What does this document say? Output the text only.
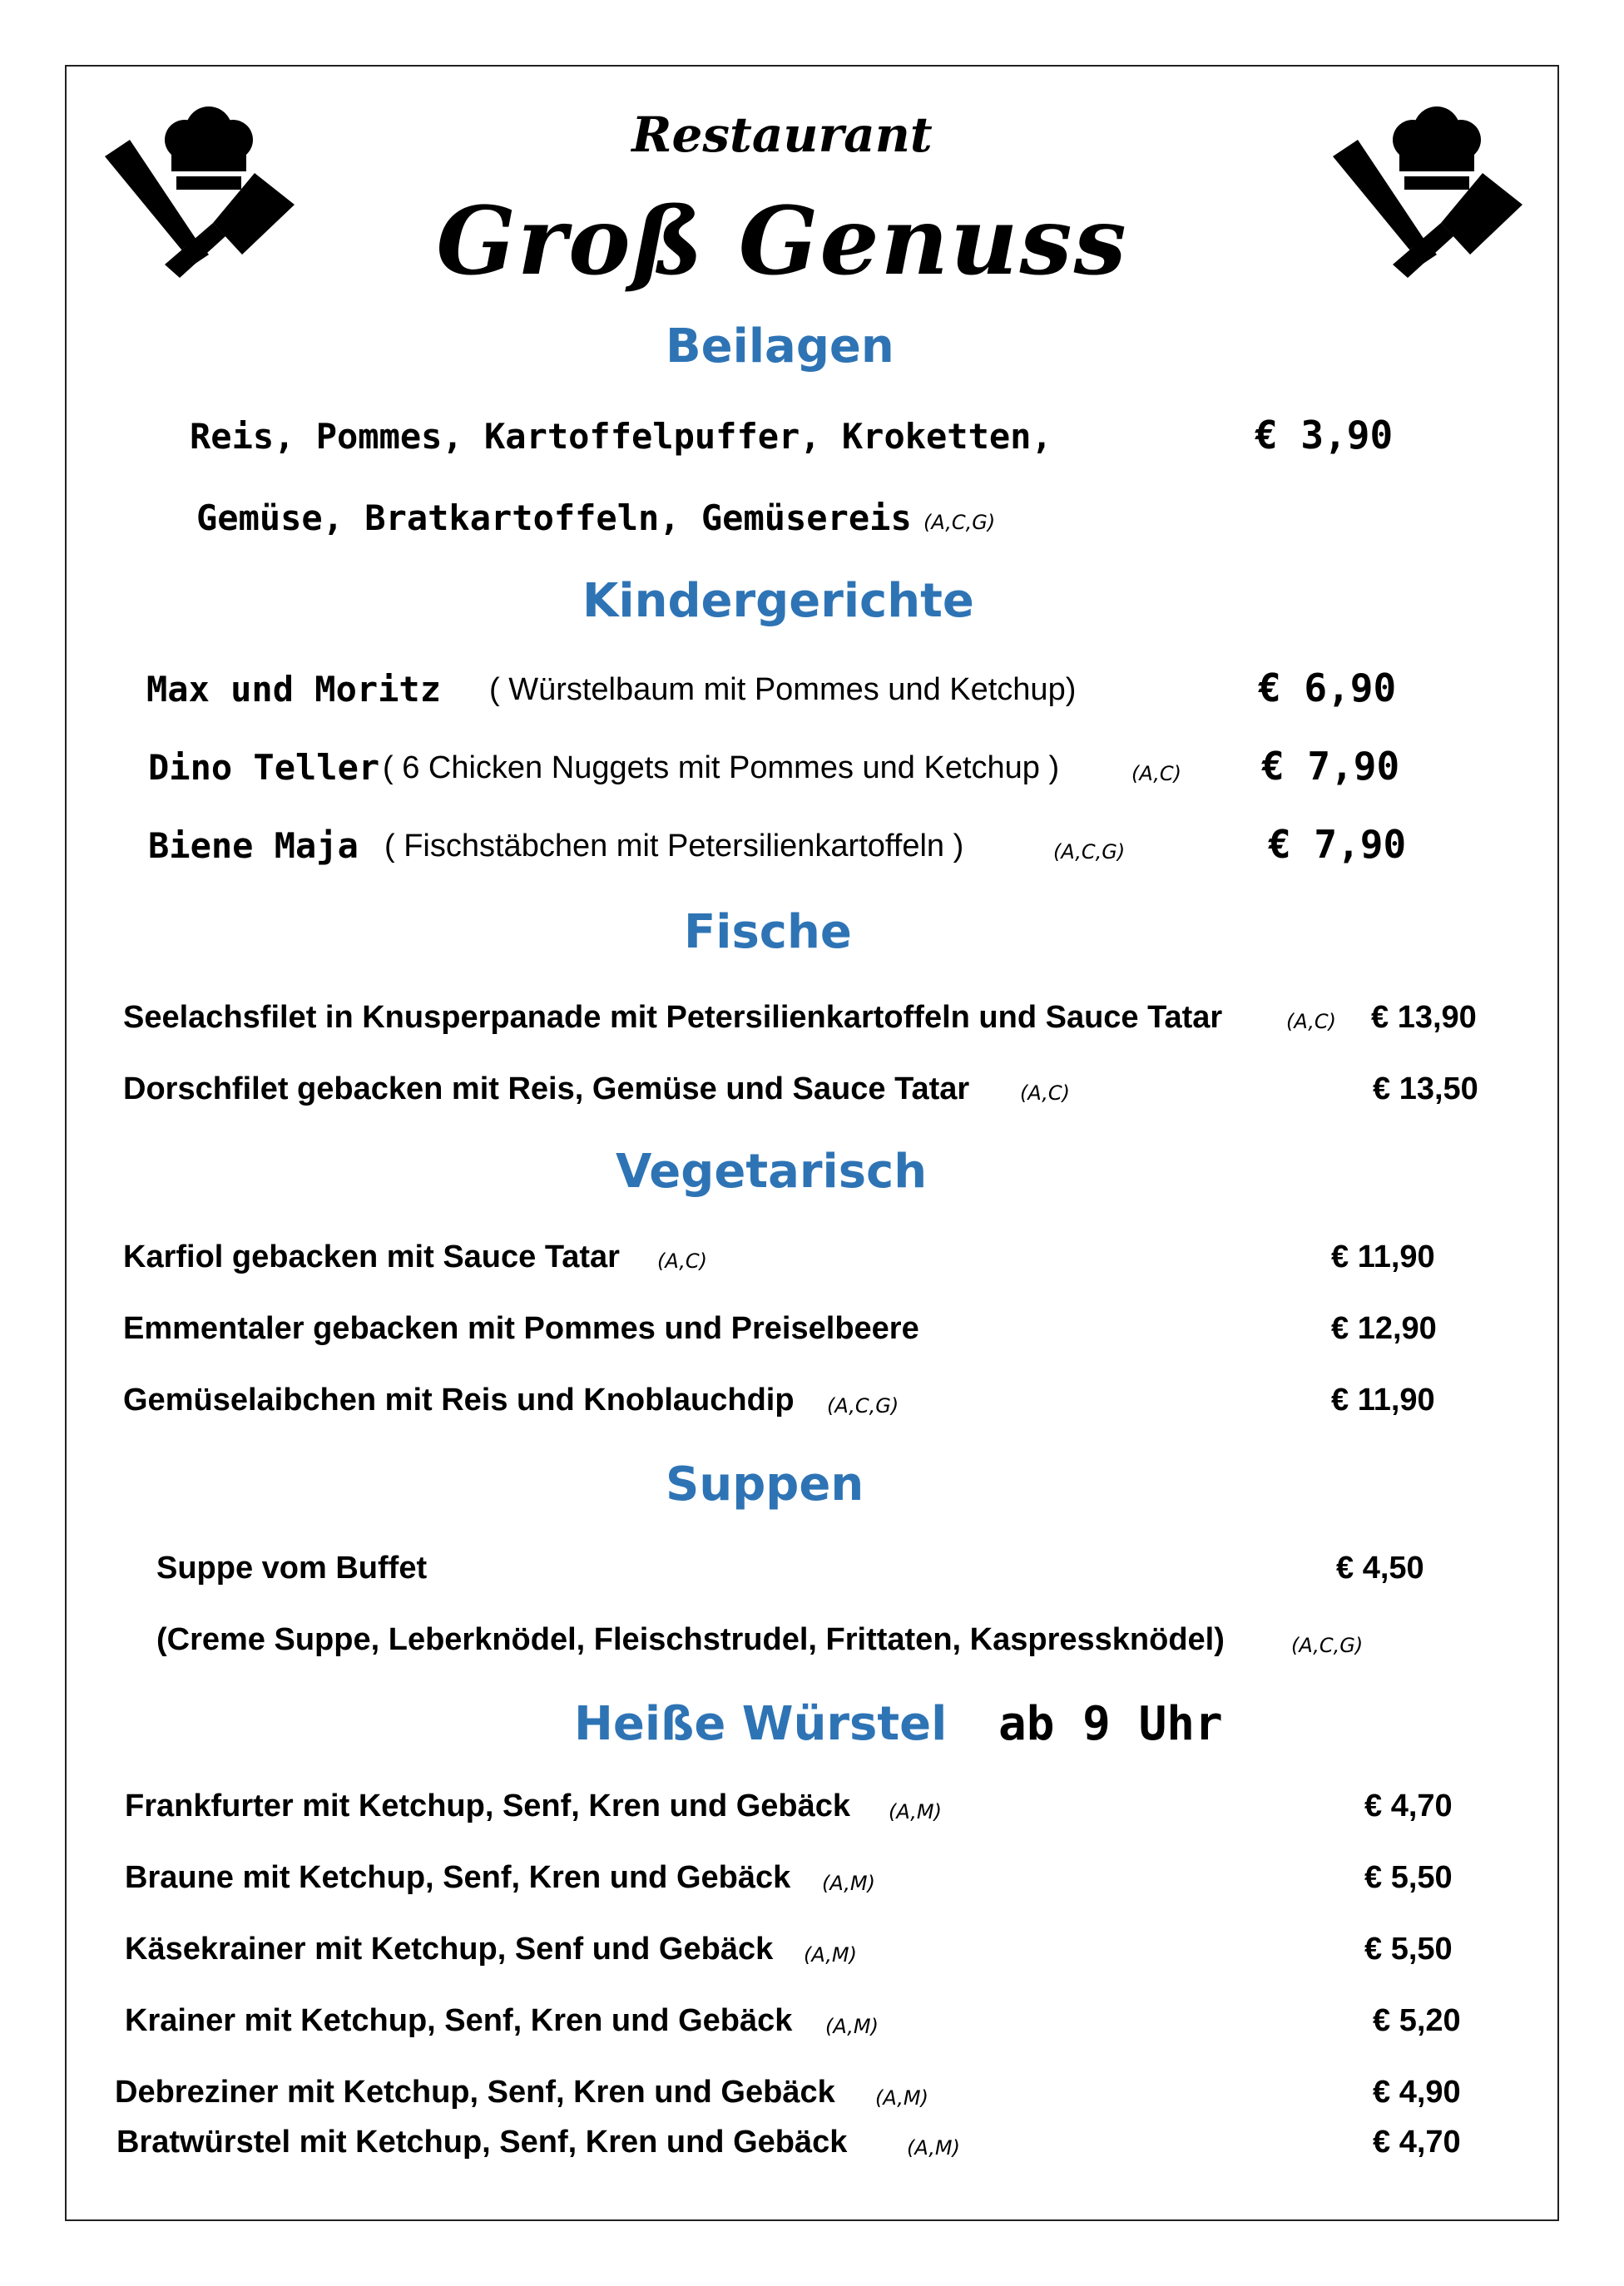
Restaurant
Groß Genuss
Beilagen
Reis, Pommes, Kartoffelpuffer, Kroketten,	€ 3,90
Gemüse, Bratkartoffeln, Gemüsereis (A,C,G)
Kindergerichte
Max und Moritz ( Würstelbaum mit Pommes und Ketchup)	€ 6,90
Dino Teller ( 6 Chicken Nuggets mit Pommes und Ketchup )	(A,C) € 7,90
Biene Maja ( Fischstäbchen mit Petersilienkartoffeln )	(A,C,G)	€ 7,90
Fische
Seelachsfilet in Knusperpanade mit Petersilienkartoffeln und Sauce Tatar	(A,C) € 13,90
Dorschfilet gebacken mit Reis, Gemüse und Sauce Tatar	(A,C)	€ 13,50
Vegetarisch
Karfiol gebacken mit Sauce Tatar (A,C)	€ 11,90
Emmentaler gebacken mit Pommes und Preiselbeere	€ 12,90
Gemüselaibchen mit Reis und Knoblauchdip (A,C,G)	€ 11,90
Suppen
Suppe vom Buffet	€ 4,50
(Creme Suppe, Leberknödel, Fleischstrudel, Frittaten, Kaspressknödel)	(A,C,G)
Heiße Würstel ab 9 Uhr
Frankfurter mit Ketchup, Senf, Kren und Gebäck (A,M)	€ 4,70
Braune mit Ketchup, Senf, Kren und Gebäck (A,M)	€ 5,50
Käsekrainer mit Ketchup, Senf und Gebäck (A,M)	€ 5,50
Krainer mit Ketchup, Senf, Kren und Gebäck (A,M)	€ 5,20
Debreziner mit Ketchup, Senf, Kren und Gebäck (A,M)	€ 4,90
Bratwürstel mit Ketchup, Senf, Kren und Gebäck	(A,M)	€ 4,70
